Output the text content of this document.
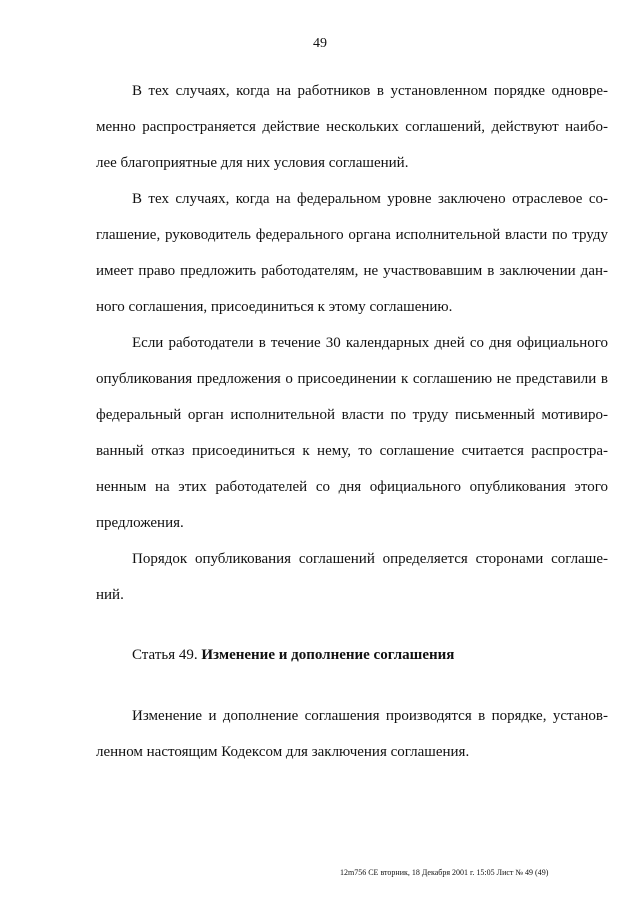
49
В тех случаях, когда на работников в установленном порядке одновре-
менно распространяется действие нескольких соглашений, действуют наибо-
лее благоприятные для них условия соглашений.
В тех случаях, когда на федеральном уровне заключено отраслевое со-
глашение, руководитель федерального органа исполнительной власти по труду
имеет право предложить работодателям, не участвовавшим в заключении дан-
ного соглашения, присоединиться к этому соглашению.
Если работодатели в течение 30 календарных дней со дня официального
опубликования предложения о присоединении к соглашению не представили в
федеральный орган исполнительной власти по труду письменный мотивиро-
ванный отказ присоединиться к нему, то соглашение считается распростра-
ненным на этих работодателей со дня официального опубликования этого
предложения.
Порядок опубликования соглашений определяется сторонами соглаше-
ний.
Статья 49. Изменение и дополнение соглашения
Изменение и дополнение соглашения производятся в порядке, установ-
ленном настоящим Кодексом для заключения соглашения.
12m756 СЕ вторник, 18 Декабря 2001 г. 15:05 Лист № 49 (49)
